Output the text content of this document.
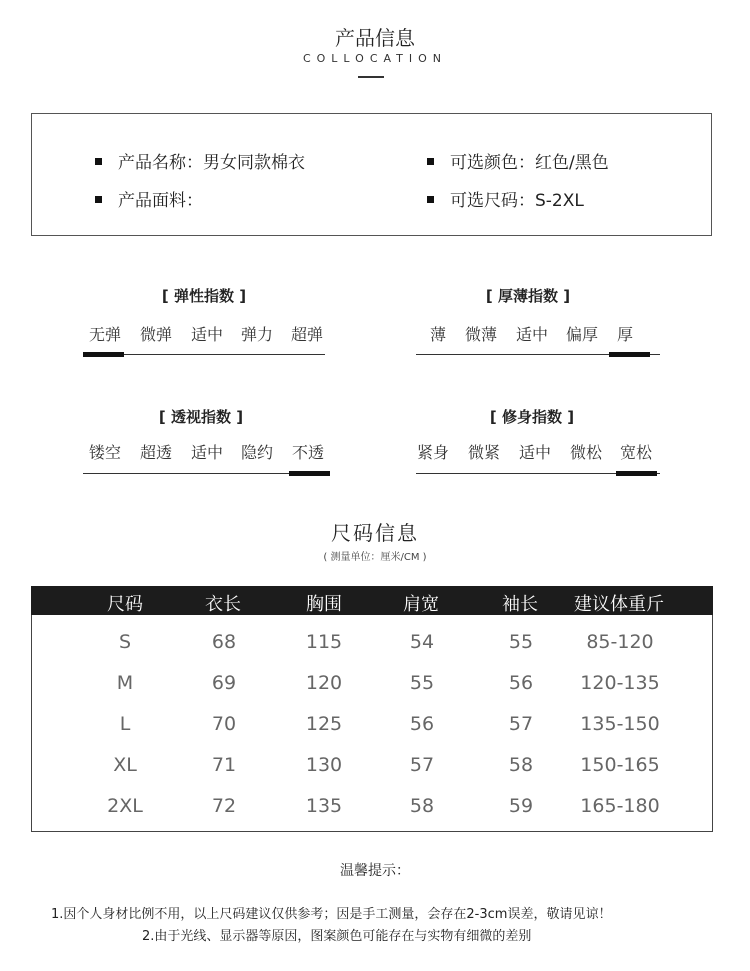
产品信息
COLLOCATION
产品名称：男女同款棉衣
产品面料：
可选颜色：红色/黑色
可选尺码：S-2XL
[ 弹性指数 ]
无弹 微弹 适中 弹力 超弹
[ 厚薄指数 ]
薄 微薄 适中 偏厚 厚
[ 透视指数 ]
镂空 超透 适中 隐约 不透
[ 修身指数 ]
紧身 微紧 适中 微松 宽松
尺码信息
( 测量单位：厘米/CM )
尺码	衣长	胸围	肩宽	袖长 建议体重斤
S	68	115	54	55	85-120
M	69	120	55	56 120-135
L	70	125	56	57 135-150
XL	71	130	57	58 150-165
2XL	72	135	58	59 165-180
温馨提示：
1.因个人身材比例不用，以上尺码建议仅供参考；因是手工测量，会存在2-3cm误差，敬请见谅！
2.由于光线、显示器等原因，图案颜色可能存在与实物有细微的差别
